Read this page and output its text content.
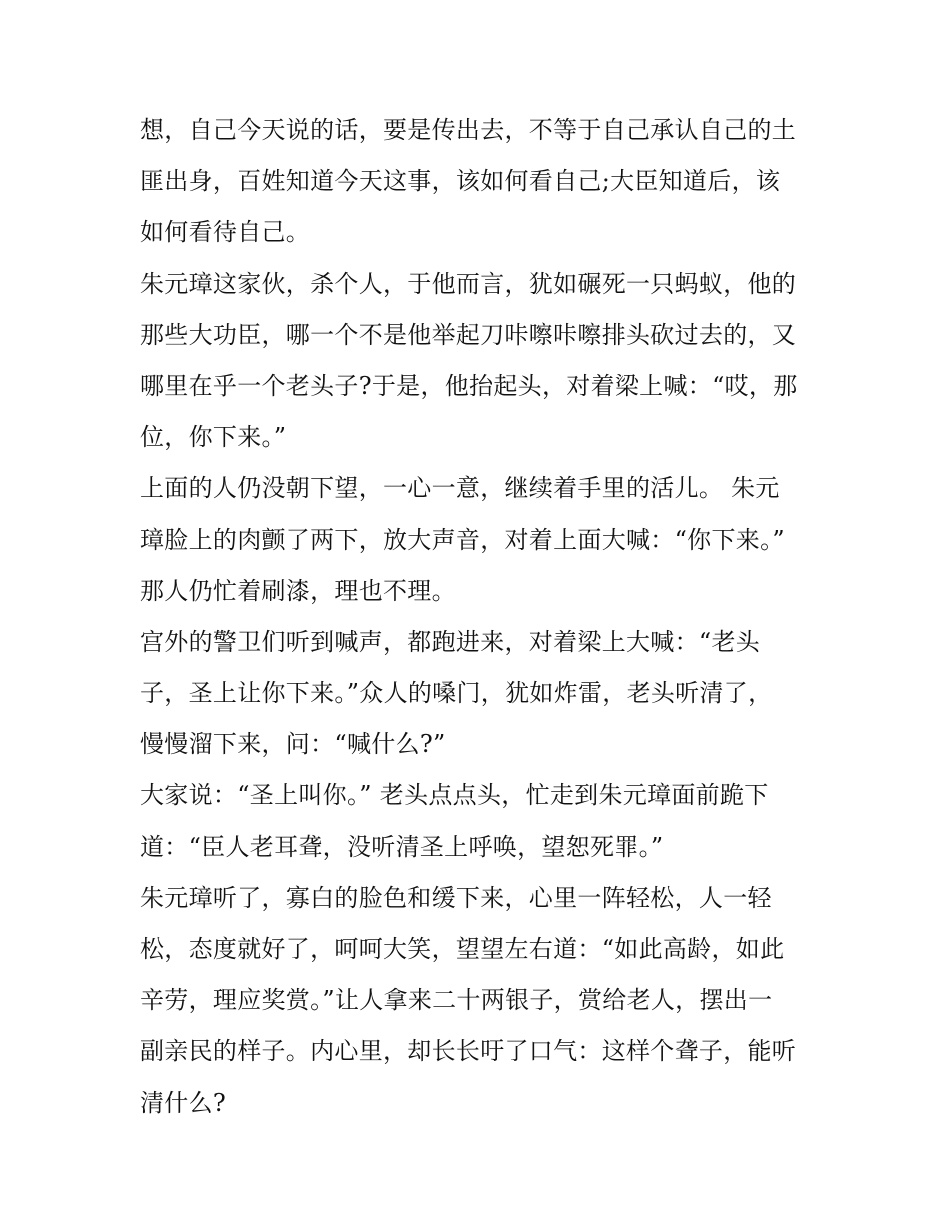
想，自己今天说的话，要是传出去，不等于自己承认自己的土
匪出身，百姓知道今天这事，该如何看自己;大臣知道后，该
如何看待自己。
朱元璋这家伙，杀个人，于他而言，犹如碾死一只蚂蚁，他的
那些大功臣，哪一个不是他举起刀咔嚓咔嚓排头砍过去的，又
哪里在乎一个老头子?于是，他抬起头，对着梁上喊：“哎，那
位，你下来。”
上面的人仍没朝下望，一心一意，继续着手里的活儿。 朱元
璋脸上的肉颤了两下，放大声音，对着上面大喊：“你下来。”
那人仍忙着刷漆，理也不理。
宫外的警卫们听到喊声，都跑进来，对着梁上大喊：“老头
子，圣上让你下来。”众人的嗓门，犹如炸雷，老头听清了，
慢慢溜下来，问：“喊什么?”
大家说：“圣上叫你。” 老头点点头，忙走到朱元璋面前跪下
道：“臣人老耳聋，没听清圣上呼唤，望恕死罪。”
朱元璋听了，寡白的脸色和缓下来，心里一阵轻松，人一轻
松，态度就好了，呵呵大笑，望望左右道：“如此高龄，如此
辛劳，理应奖赏。”让人拿来二十两银子，赏给老人，摆出一
副亲民的样子。内心里，却长长吁了口气：这样个聋子，能听
清什么?
